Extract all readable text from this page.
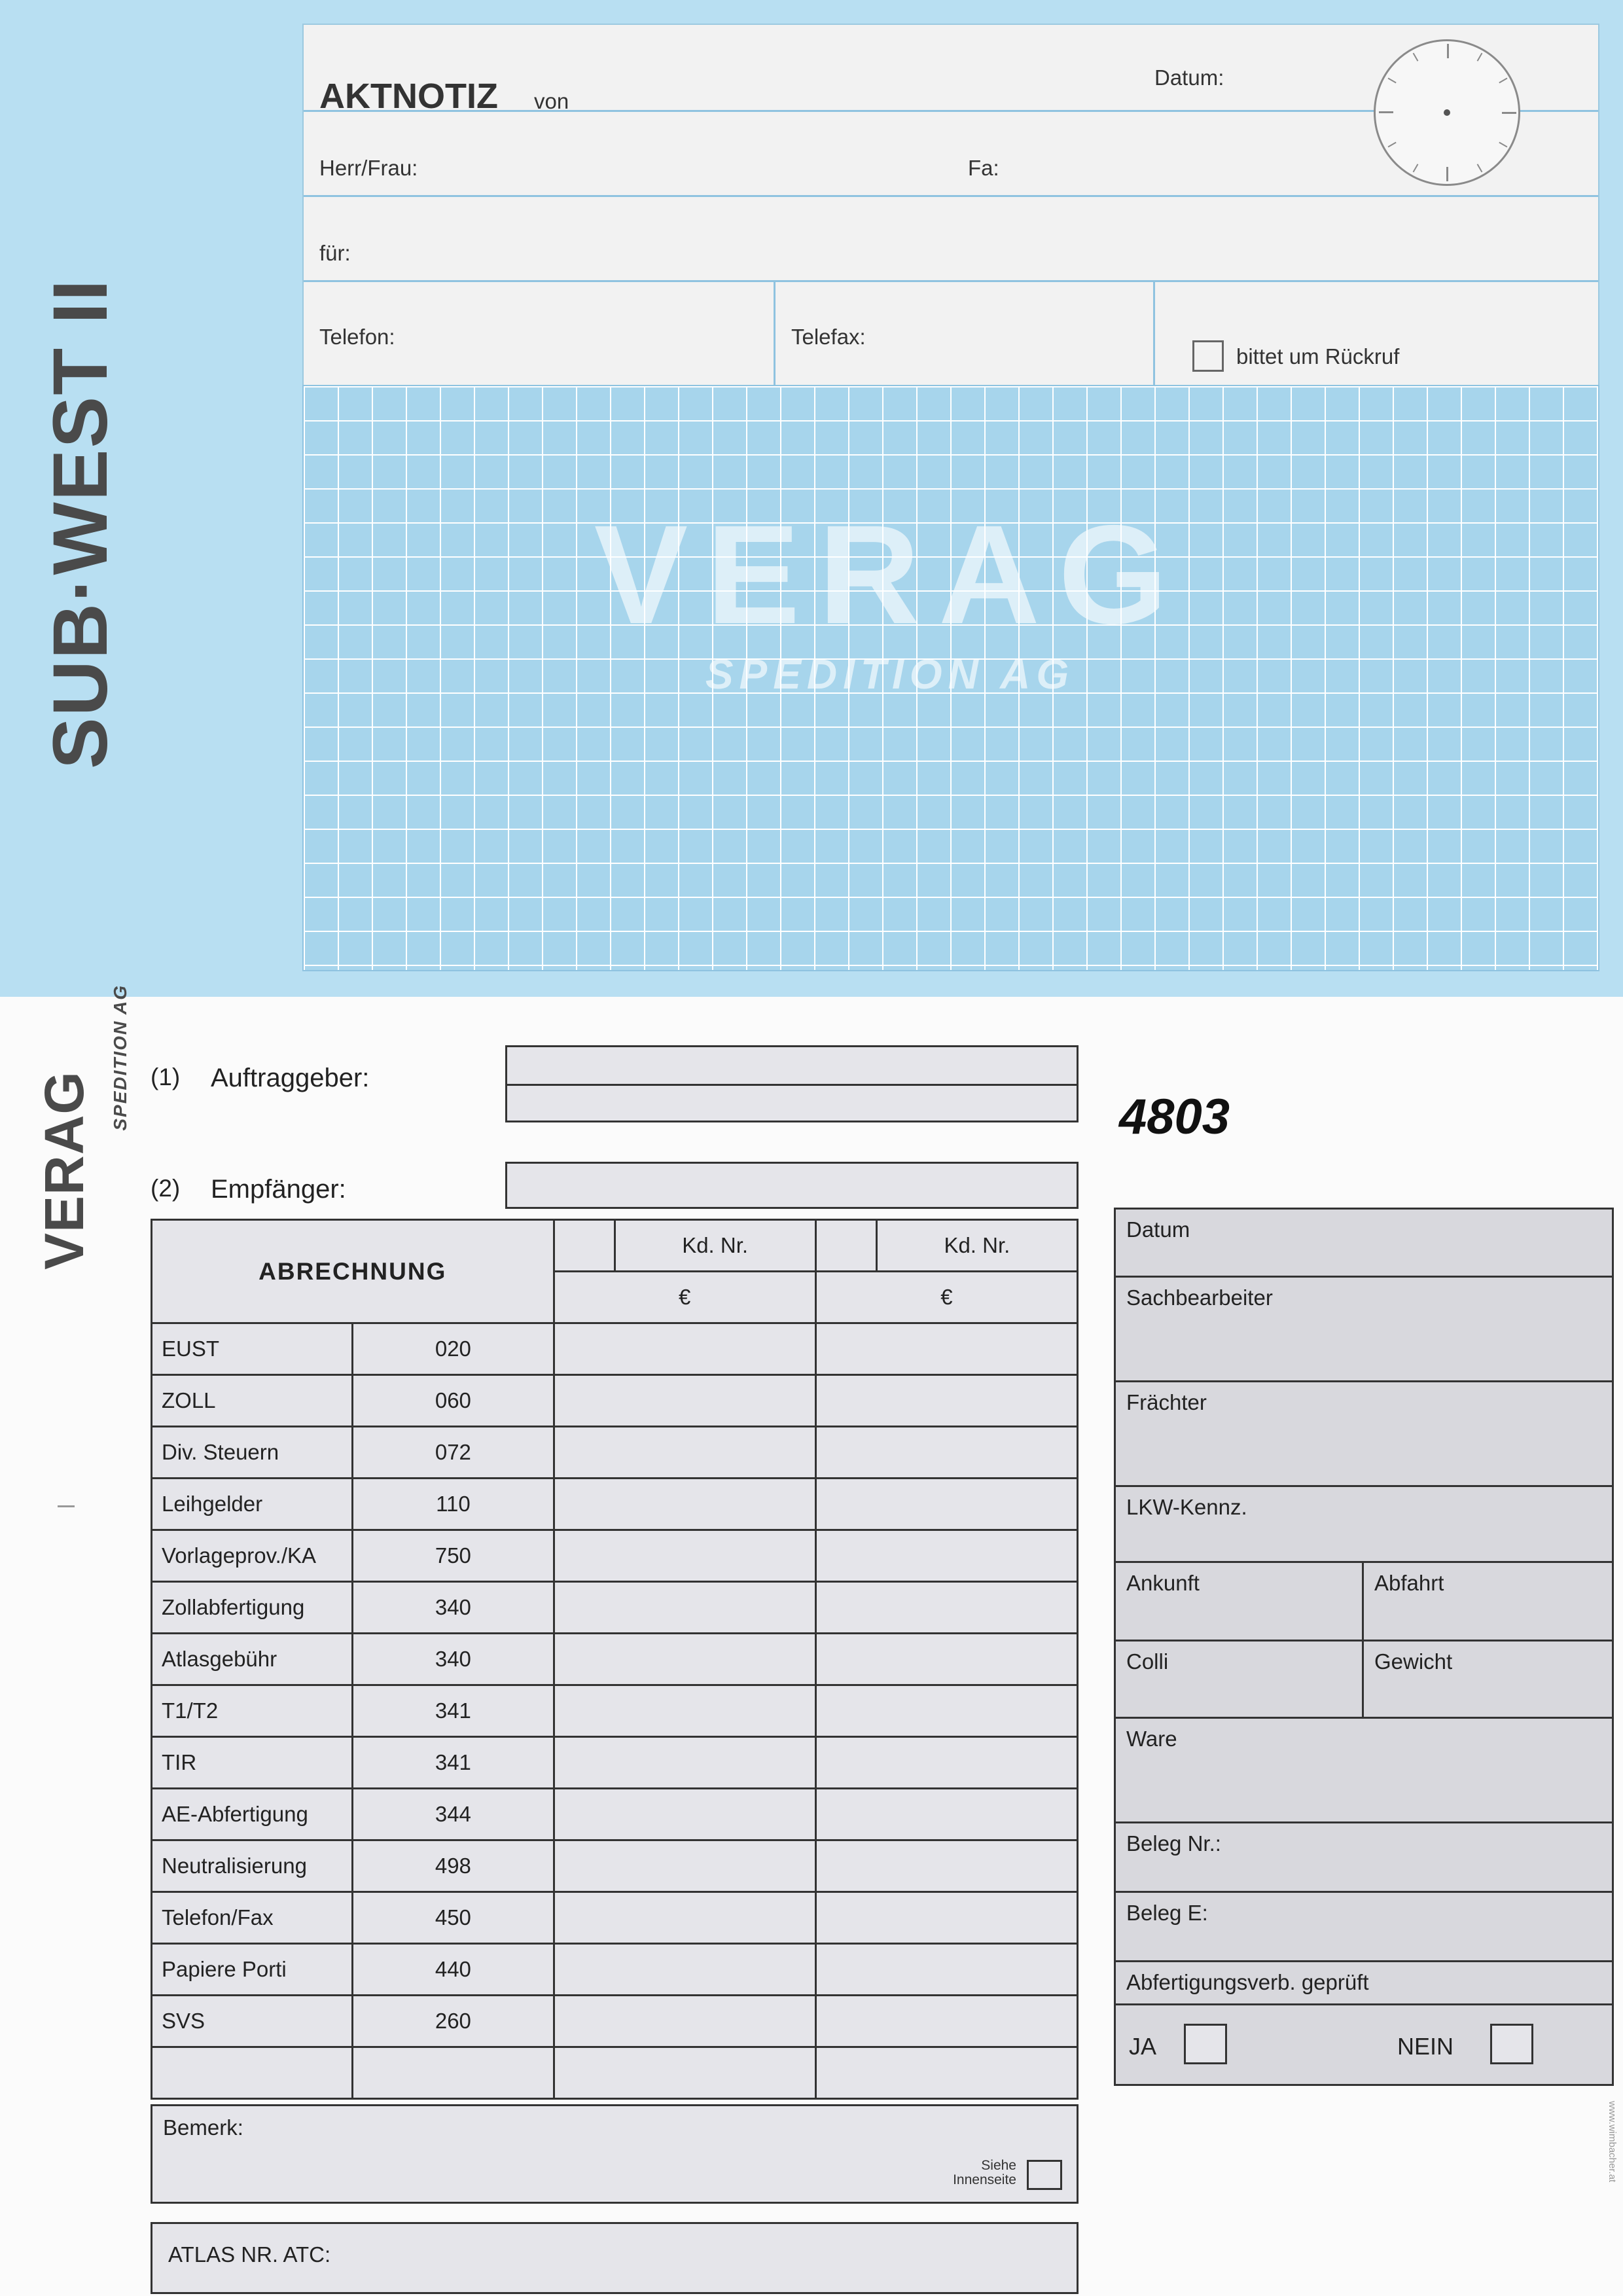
SUB·WEST II
AKTNOTIZ von
Datum:
Herr/Frau:	Fa:
für:
Telefon:	Telefax:
bittet um Rückruf
VERAG
SPEDITION AG
VERAG
SPEDITION AG
www.wimbacher.at
(1) Auftraggeber:
(2) Empfänger:
4803
ABRECHNUNG			Kd. Nr.		Kd. Nr.
		€		€	
EUST	020				
ZOLL	060				
Div. Steuern	072				
Leihgelder	110				
Vorlageprov./KA	750				
Zollabfertigung	340				
Atlasgebühr	340				
T1/T2	341				
TIR	341				
AE-Abfertigung	344				
Neutralisierung	498				
Telefon/Fax	450				
Papiere Porti	440				
SVS	260				

Bemerk:
Siehe
Innenseite
ATLAS NR. ATC:
Datum
Sachbearbeiter
Frächter
LKW-Kennz.
Ankunft	Abfahrt
Colli	Gewicht
Ware
Beleg Nr.:
Beleg E:
Abfertigungsverb. geprüft
JA	NEIN
